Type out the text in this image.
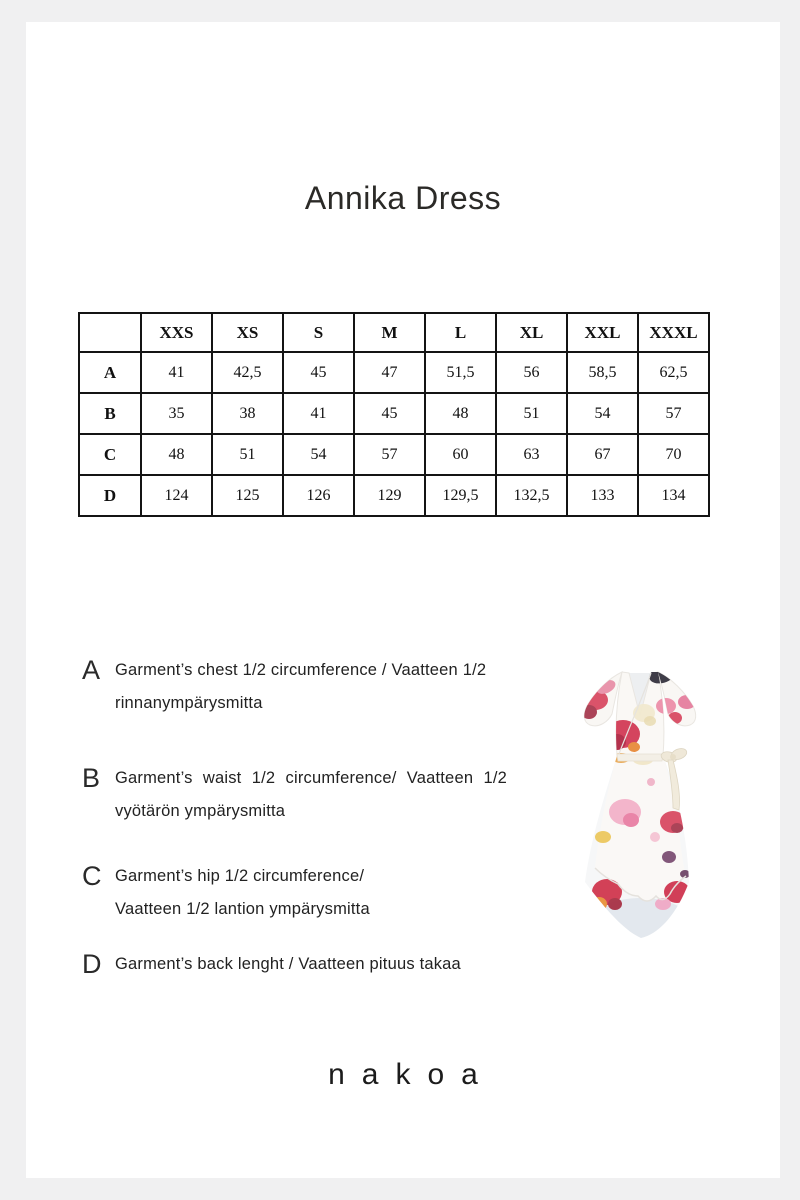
Annika Dress
	XXS	XS	S	M	L	XL	XXL	XXXL
A	41	42,5	45	47	51,5	56	58,5	62,5
B	35	38	41	45	48	51	54	57
C	48	51	54	57	60	63	67	70
D	124	125	126	129	129,5	132,5	133	134
A Garment’s chest 1/2 circumference / Vaatteen 1/2
rinnanympärysmitta
B Garment’s waist 1/2 circumference/ Vaatteen 1/2
vyötärön ympärysmitta
C Garment’s hip 1/2 circumference/
Vaatteen 1/2 lantion ympärysmitta
D Garment’s back lenght / Vaatteen pituus takaa
nakoa
